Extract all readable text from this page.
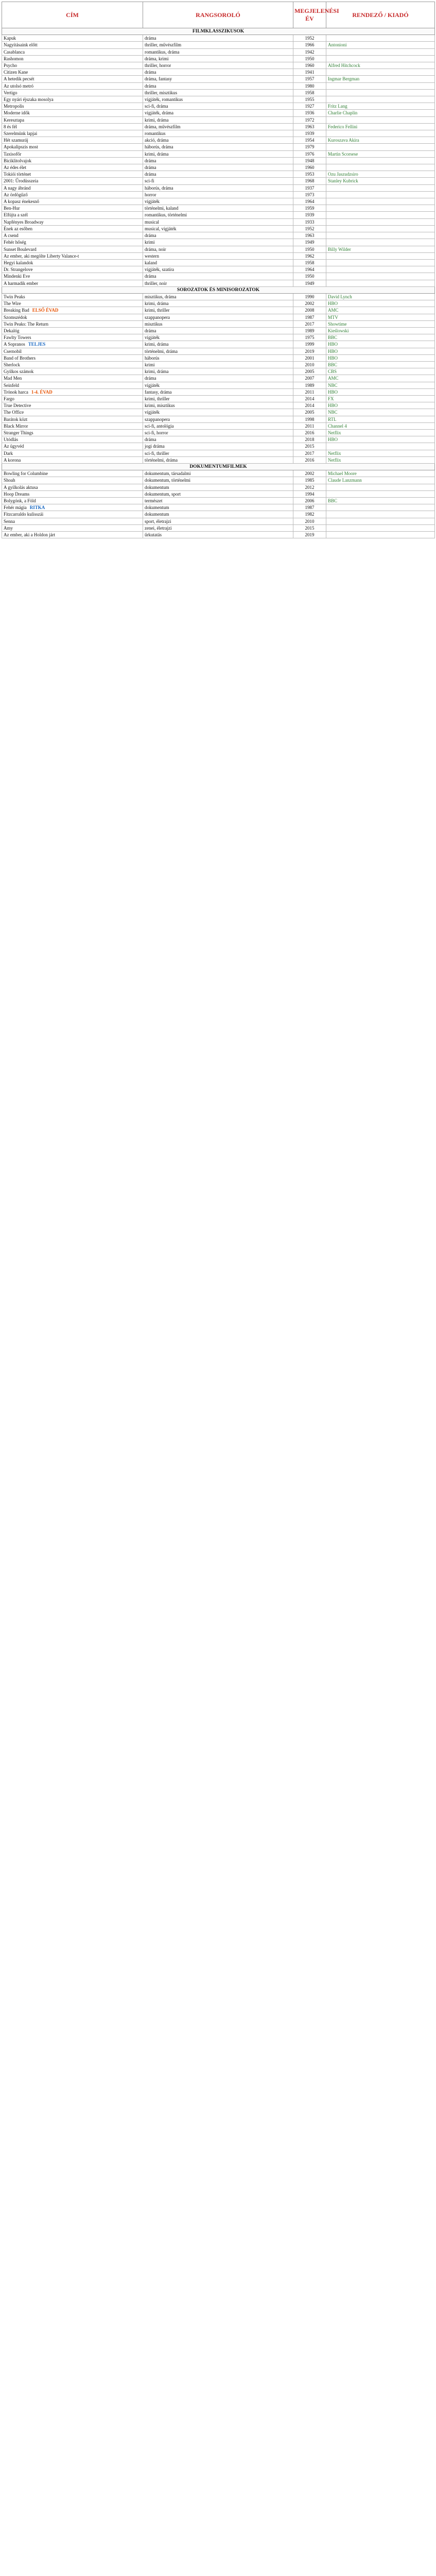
CÍM	RANGSOROLÓ	MEGJELENÉSI ÉV	RENDEZŐ / KIADÓ
FILMKLASSZIKUSOK			
Kapuk	dráma	1952	
Nagyításaink előtt	thriller, művészfilm	1966	Antonioni
Casablanca	romantikus, dráma	1942	
Rashomon	dráma, krimi	1950	
Psycho	thriller, horror	1960	Alfred Hitchcock
Citizen Kane	dráma	1941	
A hetedik pecsét	dráma, fantasy	1957	Ingmar Bergman
Az utolsó metró	dráma	1980	
Vertigo	thriller, misztikus	1958	
Egy nyári éjszaka mosolya	vígjáték, romantikus	1955	
Metropolis	sci-fi, dráma	1927	Fritz Lang
Moderne idők	vígjáték, dráma	1936	Charlie Chaplin
Keresztapa	krimi, dráma	1972	
8 és fél	dráma, művészfilm	1963	Federico Fellini
Szerelmünk lapjai	romantikus	1939	
Hét szamuráj	akció, dráma	1954	Kuroszava Akira
Apokalipszis most	háborús, dráma	1979	
Taxisofőr	krimi, dráma	1976	Martin Scorsese
Biciklitolvajok	dráma	1948	
Az édes élet	dráma	1960	
Tokiói történet	dráma	1953	Ozu Jaszudzsiro
2001: Űrodüsszeia	sci-fi	1968	Stanley Kubrick
A nagy ábránd	háborús, dráma	1937	
Az ördögűző	horror	1973	
A kopasz énekesnő	vígjáték	1964	
Ben-Hur	történelmi, kaland	1959	
Elfújta a szél	romantikus, történelmi	1939	
Napfényes Broadway	musical	1933	
Ének az esőben	musical, vígjáték	1952	
A csend	dráma	1963	
Fehér hőség	krimi	1949	
Sunset Boulevard	dráma, noir	1950	Billy Wilder
Az ember, aki megölte Liberty Valance-t	western	1962	
Hegyi kalandok	kaland	1958	
Dr. Strangelove	vígjáték, szatíra	1964	
Mindenki Eve	dráma	1950	
A harmadik ember	thriller, noir	1949	
SOROZATOK ÉS MINISOROZATOK			
Twin Peaks	misztikus, dráma	1990	David Lynch
The Wire	krimi, dráma	2002	HBO
Breaking Bad ELSŐ ÉVAD	krimi, thriller	2008	AMC
Szomszédok	szappanopera	1987	MTV
Twin Peaks: The Return	misztikus	2017	Showtime
Dekalóg	dráma	1989	Kieślowski
Fawlty Towers	vígjáték	1975	BBC
A Sopranos TELJES	krimi, dráma	1999	HBO
Csernobil	történelmi, dráma	2019	HBO
Band of Brothers	háborús	2001	HBO
Sherlock	krimi	2010	BBC
Gyilkos számok	krimi, dráma	2005	CBS
Mad Men	dráma	2007	AMC
Seinfeld	vígjáték	1989	NBC
Trónok harca 1-4. ÉVAD	fantasy, dráma	2011	HBO
Fargo	krimi, thriller	2014	FX
True Detective	krimi, misztikus	2014	HBO
The Office	vígjáték	2005	NBC
Barátok közt	szappanopera	1998	RTL
Black Mirror	sci-fi, antológia	2011	Channel 4
Stranger Things	sci-fi, horror	2016	Netflix
Utódlás	dráma	2018	HBO
Az ügyvéd	jogi dráma	2015	
Dark	sci-fi, thriller	2017	Netflix
A korona	történelmi, dráma	2016	Netflix
DOKUMENTUMFILMEK			
Bowling for Columbine	dokumentum, társadalmi	2002	Michael Moore
Shoah	dokumentum, történelmi	1985	Claude Lanzmann
A gyilkolás aktusa	dokumentum	2012	
Hoop Dreams	dokumentum, sport	1994	
Bolygónk, a Föld	természet	2006	BBC
Fehér mágia RITKA	dokumentum	1987	
Fitzcarraldo kulisszái	dokumentum	1982	
Senna	sport, életrajzi	2010	
Amy	zenei, életrajzi	2015	
Az ember, aki a Holdon járt	űrkutatás	2019	
